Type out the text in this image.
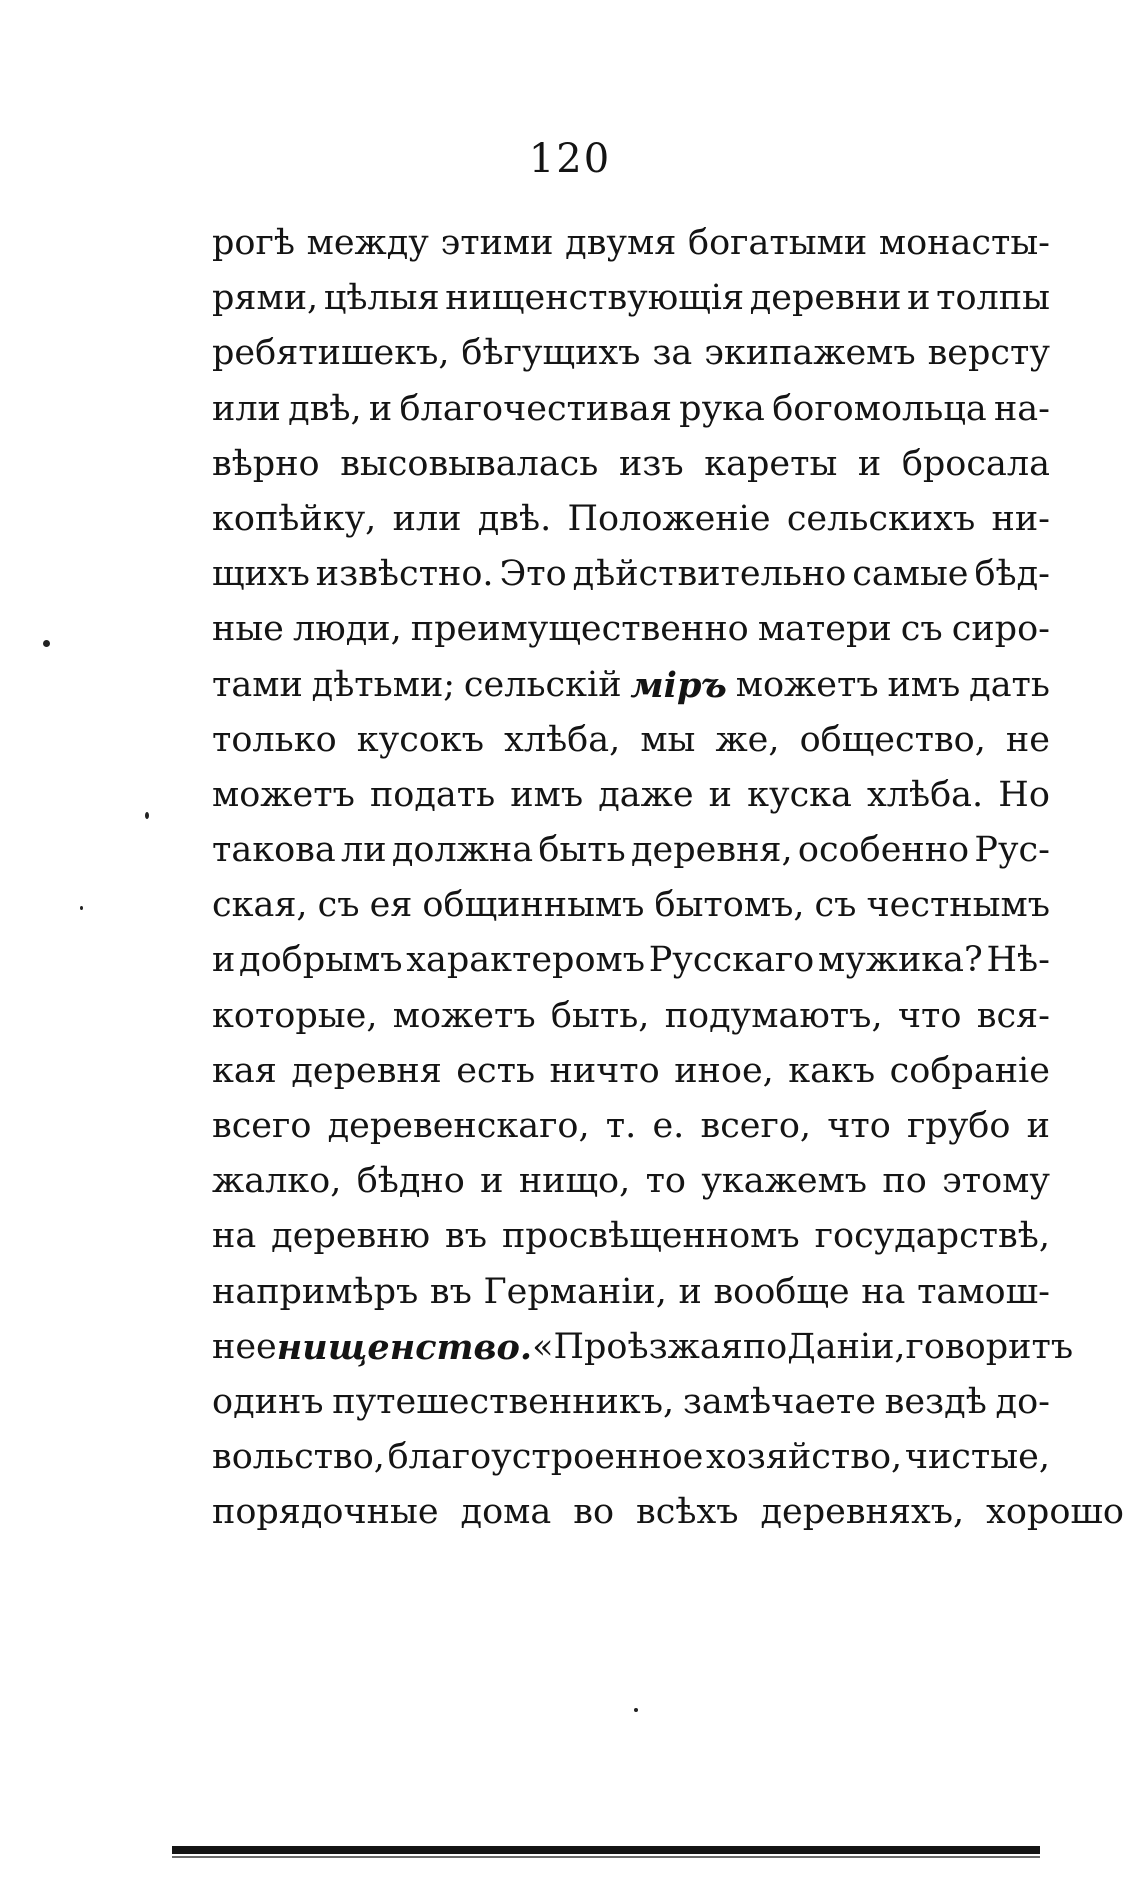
120
рогѣ между этими двумя богатыми монасты-
рями, цѣлыя нищенствующія деревни и толпы
ребятишекъ, бѣгущихъ за экипажемъ версту
или двѣ, и благочестивая рука богомольца на-
вѣрно высовывалась изъ кареты и бросала
копѣйку, или двѣ. Положеніе сельскихъ ни-
щихъ извѣстно. Это дѣйствительно самые бѣд-
ные люди, преимущественно матери съ сиро-
тами дѣтьми; сельскій міръ можетъ имъ дать
только кусокъ хлѣба, мы же, общество, не
можетъ подать имъ даже и куска хлѣба. Но
такова ли должна быть деревня, особенно Рус-
ская, съ ея общиннымъ бытомъ, съ честнымъ
и добрымъ характеромъ Русскаго мужика? Нѣ-
которые, можетъ быть, подумаютъ, что вся-
кая деревня есть ничто иное, какъ собраніе
всего деревенскаго, т. е. всего, что грубо и
жалко, бѣдно и нищо, то укажемъ по этому
на деревню въ просвѣщенномъ государствѣ,
напримѣръ въ Германіи, и вообще на тамош-
нее нищенство. «Проѣзжая по Даніи, говоритъ
одинъ путешественникъ, замѣчаете вездѣ до-
вольство, благоустроенное хозяйство, чистые,
порядочные дома во всѣхъ деревняхъ, хорошо
